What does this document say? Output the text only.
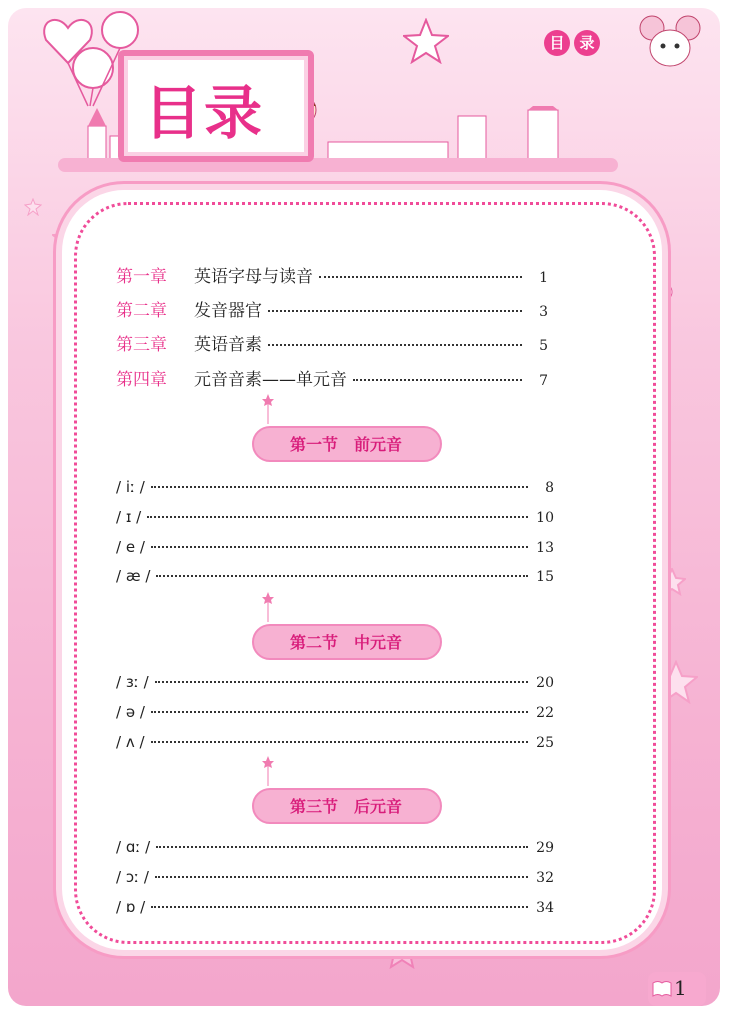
目录
目 录
第一章	英语字母与读音	1
第二章	发音器官	3
第三章	英语音素	5
第四章	元音音素——单元音	7
第一节　前元音
/ iː /	8
/ ɪ /	10
/ e /	13
/ æ /	15
第二节　中元音
/ ɜː /	20
/ ə /	22
/ ʌ /	25
第三节　后元音
/ ɑː /	29
/ ɔː /	32
/ ɒ /	34
1
